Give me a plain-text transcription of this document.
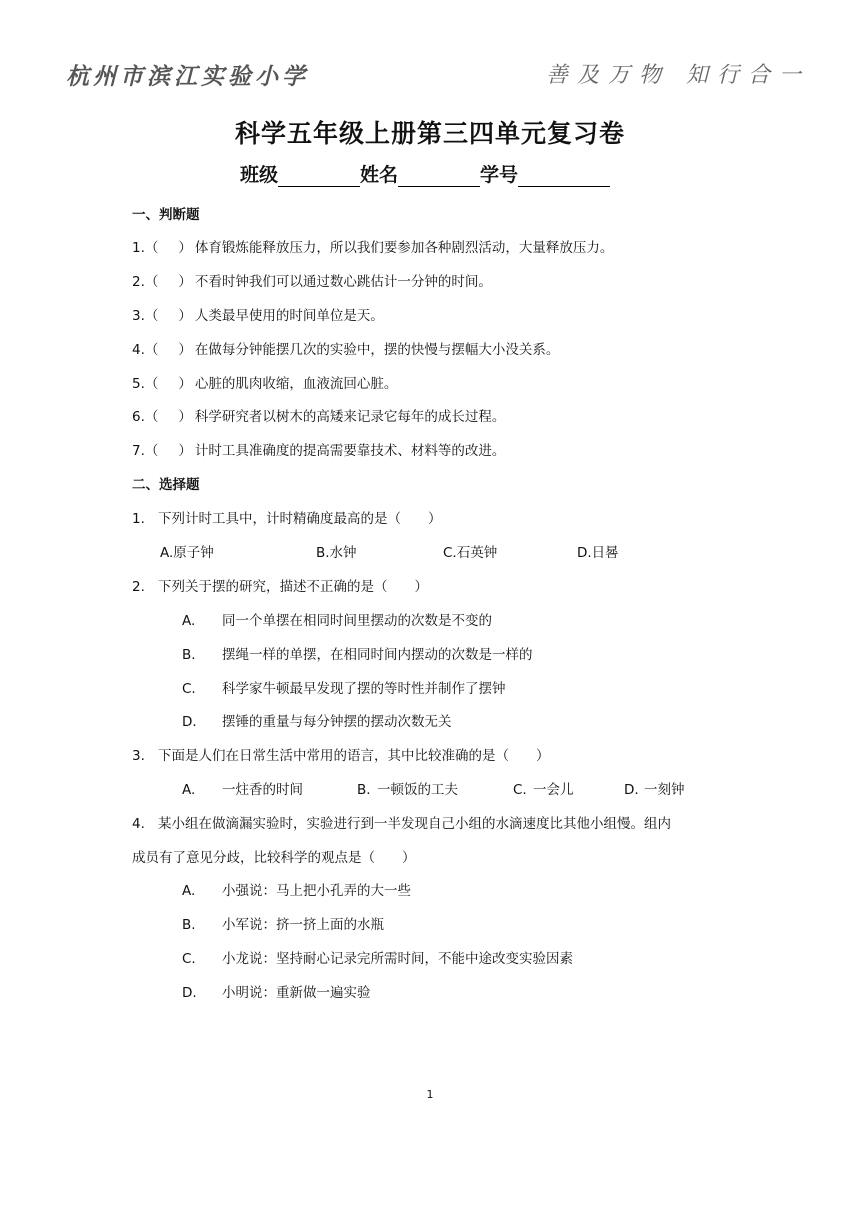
杭州市滨江实验小学	善及万物 知行合一
科学五年级上册第三四单元复习卷
班级	姓名	学号
一、判断题
1.（ ） 体育锻炼能释放压力，所以我们要参加各种剧烈活动，大量释放压力。
2.（ ） 不看时钟我们可以通过数心跳估计一分钟的时间。
3.（ ） 人类最早使用的时间单位是天。
4.（ ） 在做每分钟能摆几次的实验中，摆的快慢与摆幅大小没关系。
5.（ ） 心脏的肌肉收缩，血液流回心脏。
6.（ ） 科学研究者以树木的高矮来记录它每年的成长过程。
7.（ ） 计时工具准确度的提高需要靠技术、材料等的改进。
二、选择题
1. 下列计时工具中，计时精确度最高的是（　　）
A.原子钟	B.水钟	C.石英钟	D.日晷
2. 下列关于摆的研究，描述不正确的是（　　）
A. 同一个单摆在相同时间里摆动的次数是不变的
B. 摆绳一样的单摆，在相同时间内摆动的次数是一样的
C. 科学家牛顿最早发现了摆的等时性并制作了摆钟
D. 摆锤的重量与每分钟摆的摆动次数无关
3. 下面是人们在日常生活中常用的语言，其中比较准确的是（　　）
A. 一炷香的时间	B. 一顿饭的工夫	C. 一会儿	D. 一刻钟
4. 某小组在做滴漏实验时，实验进行到一半发现自己小组的水滴速度比其他小组慢。组内
成员有了意见分歧，比较科学的观点是（　　）
A. 小强说：马上把小孔弄的大一些
B. 小军说：挤一挤上面的水瓶
C. 小龙说：坚持耐心记录完所需时间，不能中途改变实验因素
D. 小明说：重新做一遍实验
1
